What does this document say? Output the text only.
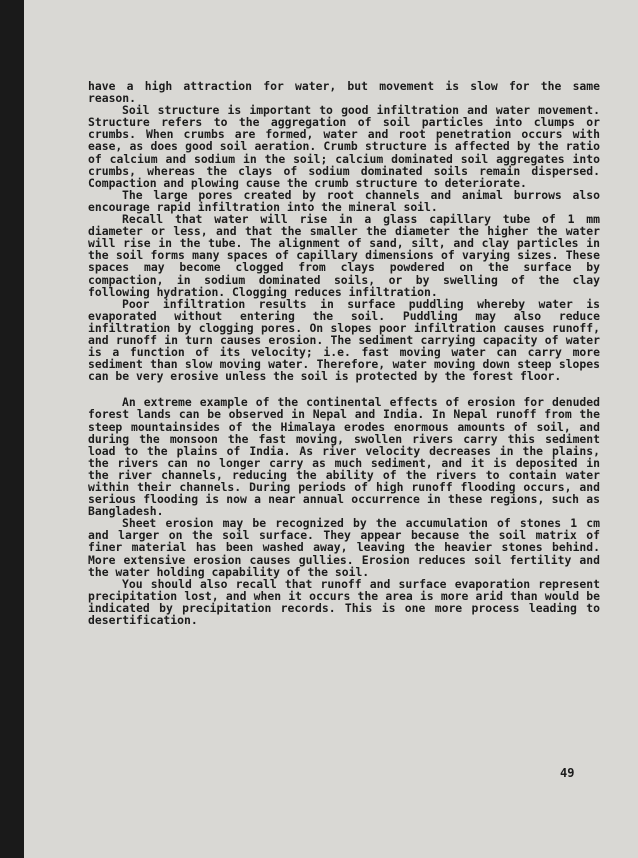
have a high attraction for water, but movement is slow for the same reason.

Soil structure is important to good infiltration and water movement. Structure refers to the aggregation of soil particles into clumps or crumbs. When crumbs are formed, water and root penetration occurs with ease, as does good soil aeration. Crumb structure is affected by the ratio of calcium and sodium in the soil; calcium dominated soil aggregates into crumbs, whereas the clays of sodium dominated soils remain dispersed. Compaction and plowing cause the crumb structure to deteriorate.

The large pores created by root channels and animal burrows also encourage rapid infiltration into the mineral soil.

Recall that water will rise in a glass capillary tube of 1 mm diameter or less, and that the smaller the diameter the higher the water will rise in the tube. The alignment of sand, silt, and clay particles in the soil forms many spaces of capillary dimensions of varying sizes. These spaces may become clogged from clays powdered on the surface by compaction, in sodium dominated soils, or by swelling of the clay following hydration. Clogging reduces infiltration.

Poor infiltration results in surface puddling whereby water is evaporated without entering the soil. Puddling may also reduce infiltration by clogging pores. On slopes poor infiltration causes runoff, and runoff in turn causes erosion. The sediment carrying capacity of water is a function of its velocity; i.e. fast moving water can carry more sediment than slow moving water. Therefore, water moving down steep slopes can be very erosive unless the soil is protected by the forest floor.

An extreme example of the continental effects of erosion for denuded forest lands can be observed in Nepal and India. In Nepal runoff from the steep mountainsides of the Himalaya erodes enormous amounts of soil, and during the monsoon the fast moving, swollen rivers carry this sediment load to the plains of India. As river velocity decreases in the plains, the rivers can no longer carry as much sediment, and it is deposited in the river channels, reducing the ability of the rivers to contain water within their channels. During periods of high runoff flooding occurs, and serious flooding is now a near annual occurrence in these regions, such as Bangladesh.

Sheet erosion may be recognized by the accumulation of stones 1 cm and larger on the soil surface. They appear because the soil matrix of finer material has been washed away, leaving the heavier stones behind. More extensive erosion causes gullies. Erosion reduces soil fertility and the water holding capability of the soil.

You should also recall that runoff and surface evaporation represent precipitation lost, and when it occurs the area is more arid than would be indicated by precipitation records. This is one more process leading to desertification.

49
